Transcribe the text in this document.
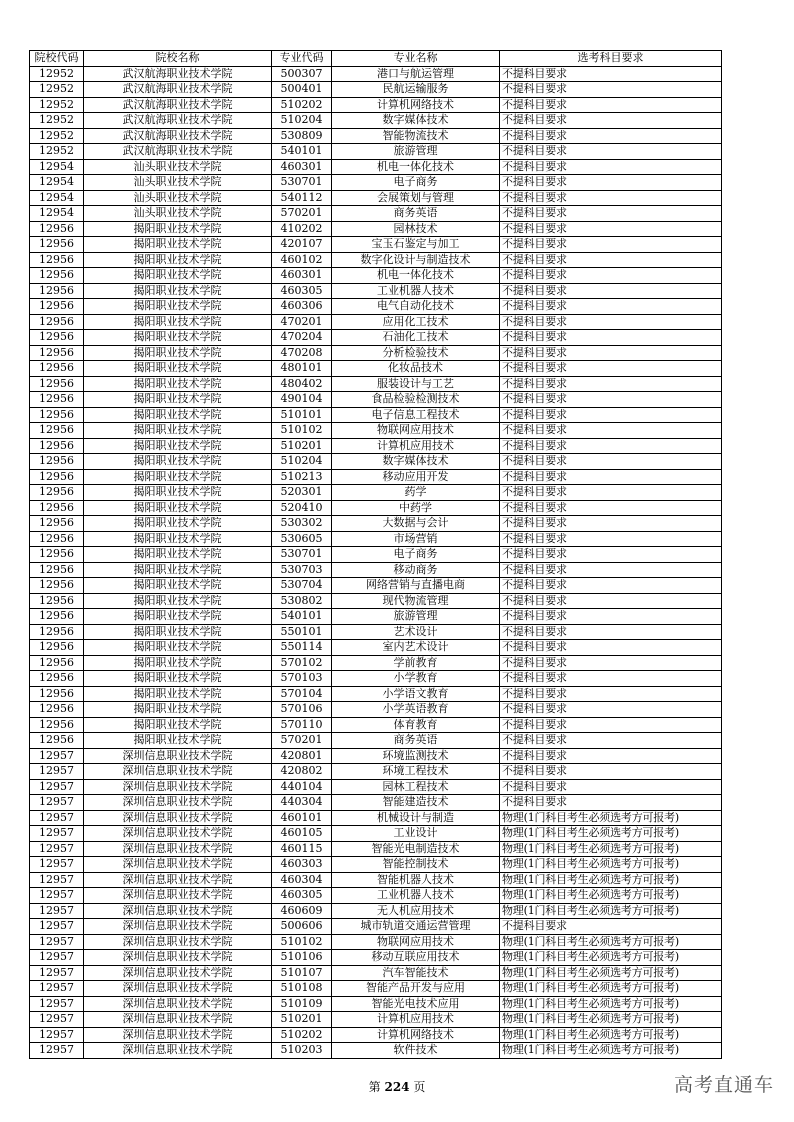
院校代码	院校名称	专业代码	专业名称	选考科目要求
12952	武汉航海职业技术学院	500307	港口与航运管理	不提科目要求
12952	武汉航海职业技术学院	500401	民航运输服务	不提科目要求
12952	武汉航海职业技术学院	510202	计算机网络技术	不提科目要求
12952	武汉航海职业技术学院	510204	数字媒体技术	不提科目要求
12952	武汉航海职业技术学院	530809	智能物流技术	不提科目要求
12952	武汉航海职业技术学院	540101	旅游管理	不提科目要求
12954	汕头职业技术学院	460301	机电一体化技术	不提科目要求
12954	汕头职业技术学院	530701	电子商务	不提科目要求
12954	汕头职业技术学院	540112	会展策划与管理	不提科目要求
12954	汕头职业技术学院	570201	商务英语	不提科目要求
12956	揭阳职业技术学院	410202	园林技术	不提科目要求
12956	揭阳职业技术学院	420107	宝玉石鉴定与加工	不提科目要求
12956	揭阳职业技术学院	460102	数字化设计与制造技术	不提科目要求
12956	揭阳职业技术学院	460301	机电一体化技术	不提科目要求
12956	揭阳职业技术学院	460305	工业机器人技术	不提科目要求
12956	揭阳职业技术学院	460306	电气自动化技术	不提科目要求
12956	揭阳职业技术学院	470201	应用化工技术	不提科目要求
12956	揭阳职业技术学院	470204	石油化工技术	不提科目要求
12956	揭阳职业技术学院	470208	分析检验技术	不提科目要求
12956	揭阳职业技术学院	480101	化妆品技术	不提科目要求
12956	揭阳职业技术学院	480402	服装设计与工艺	不提科目要求
12956	揭阳职业技术学院	490104	食品检验检测技术	不提科目要求
12956	揭阳职业技术学院	510101	电子信息工程技术	不提科目要求
12956	揭阳职业技术学院	510102	物联网应用技术	不提科目要求
12956	揭阳职业技术学院	510201	计算机应用技术	不提科目要求
12956	揭阳职业技术学院	510204	数字媒体技术	不提科目要求
12956	揭阳职业技术学院	510213	移动应用开发	不提科目要求
12956	揭阳职业技术学院	520301	药学	不提科目要求
12956	揭阳职业技术学院	520410	中药学	不提科目要求
12956	揭阳职业技术学院	530302	大数据与会计	不提科目要求
12956	揭阳职业技术学院	530605	市场营销	不提科目要求
12956	揭阳职业技术学院	530701	电子商务	不提科目要求
12956	揭阳职业技术学院	530703	移动商务	不提科目要求
12956	揭阳职业技术学院	530704	网络营销与直播电商	不提科目要求
12956	揭阳职业技术学院	530802	现代物流管理	不提科目要求
12956	揭阳职业技术学院	540101	旅游管理	不提科目要求
12956	揭阳职业技术学院	550101	艺术设计	不提科目要求
12956	揭阳职业技术学院	550114	室内艺术设计	不提科目要求
12956	揭阳职业技术学院	570102	学前教育	不提科目要求
12956	揭阳职业技术学院	570103	小学教育	不提科目要求
12956	揭阳职业技术学院	570104	小学语文教育	不提科目要求
12956	揭阳职业技术学院	570106	小学英语教育	不提科目要求
12956	揭阳职业技术学院	570110	体育教育	不提科目要求
12956	揭阳职业技术学院	570201	商务英语	不提科目要求
12957	深圳信息职业技术学院	420801	环境监测技术	不提科目要求
12957	深圳信息职业技术学院	420802	环境工程技术	不提科目要求
12957	深圳信息职业技术学院	440104	园林工程技术	不提科目要求
12957	深圳信息职业技术学院	440304	智能建造技术	不提科目要求
12957	深圳信息职业技术学院	460101	机械设计与制造	物理(1门科目考生必须选考方可报考)
12957	深圳信息职业技术学院	460105	工业设计	物理(1门科目考生必须选考方可报考)
12957	深圳信息职业技术学院	460115	智能光电制造技术	物理(1门科目考生必须选考方可报考)
12957	深圳信息职业技术学院	460303	智能控制技术	物理(1门科目考生必须选考方可报考)
12957	深圳信息职业技术学院	460304	智能机器人技术	物理(1门科目考生必须选考方可报考)
12957	深圳信息职业技术学院	460305	工业机器人技术	物理(1门科目考生必须选考方可报考)
12957	深圳信息职业技术学院	460609	无人机应用技术	物理(1门科目考生必须选考方可报考)
12957	深圳信息职业技术学院	500606	城市轨道交通运营管理	不提科目要求
12957	深圳信息职业技术学院	510102	物联网应用技术	物理(1门科目考生必须选考方可报考)
12957	深圳信息职业技术学院	510106	移动互联应用技术	物理(1门科目考生必须选考方可报考)
12957	深圳信息职业技术学院	510107	汽车智能技术	物理(1门科目考生必须选考方可报考)
12957	深圳信息职业技术学院	510108	智能产品开发与应用	物理(1门科目考生必须选考方可报考)
12957	深圳信息职业技术学院	510109	智能光电技术应用	物理(1门科目考生必须选考方可报考)
12957	深圳信息职业技术学院	510201	计算机应用技术	物理(1门科目考生必须选考方可报考)
12957	深圳信息职业技术学院	510202	计算机网络技术	物理(1门科目考生必须选考方可报考)
12957	深圳信息职业技术学院	510203	软件技术	物理(1门科目考生必须选考方可报考)
第 224 页	高考直通车
